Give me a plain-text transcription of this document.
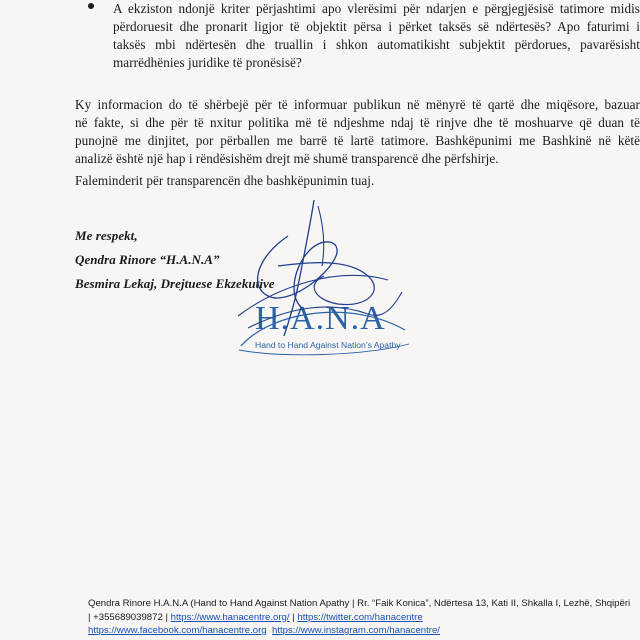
A ekziston ndonjë kriter përjashtimi apo vlerësimi për ndarjen e përgjegjësisë tatimore midis
përdoruesit dhe pronarit ligjor të objektit përsa i përket taksës së ndërtesës? Apo faturimi i
taksës mbi ndërtesën dhe truallin i shkon automatikisht subjektit përdorues, pavarësisht
marrëdhënies juridike të pronësisë?
Ky informacion do të shërbejë për të informuar publikun në mënyrë të qartë dhe miqësore, bazuar
në fakte, si dhe për të nxitur politika më të ndjeshme ndaj të rinjve dhe të moshuarve që duan të
punojnë me dinjitet, por përballen me barrë të lartë tatimore. Bashkëpunimi me Bashkinë në këtë
analizë është një hap i rëndësishëm drejt më shumë transparencë dhe përfshirje.
Faleminderit për transparencën dhe bashkëpunimin tuaj.
Me respekt,
Qendra Rinore “H.A.N.A”
Besmira Lekaj, Drejtuese Ekzekutive
H.A.N.A
Hand to Hand Against Nation’s Apathy
Qendra Rinore H.A.N.A (Hand to Hand Against Nation Apathy | Rr. “Faik Konica”, Ndërtesa 13, Kati II, Shkalla I, Lezhë, Shqipëri
| +355689039872 | https://www.hanacentre.org/ | https://twitter.com/hanacentre
https://www.facebook.com/hanacentre.org https://www.instagram.com/hanacentre/
